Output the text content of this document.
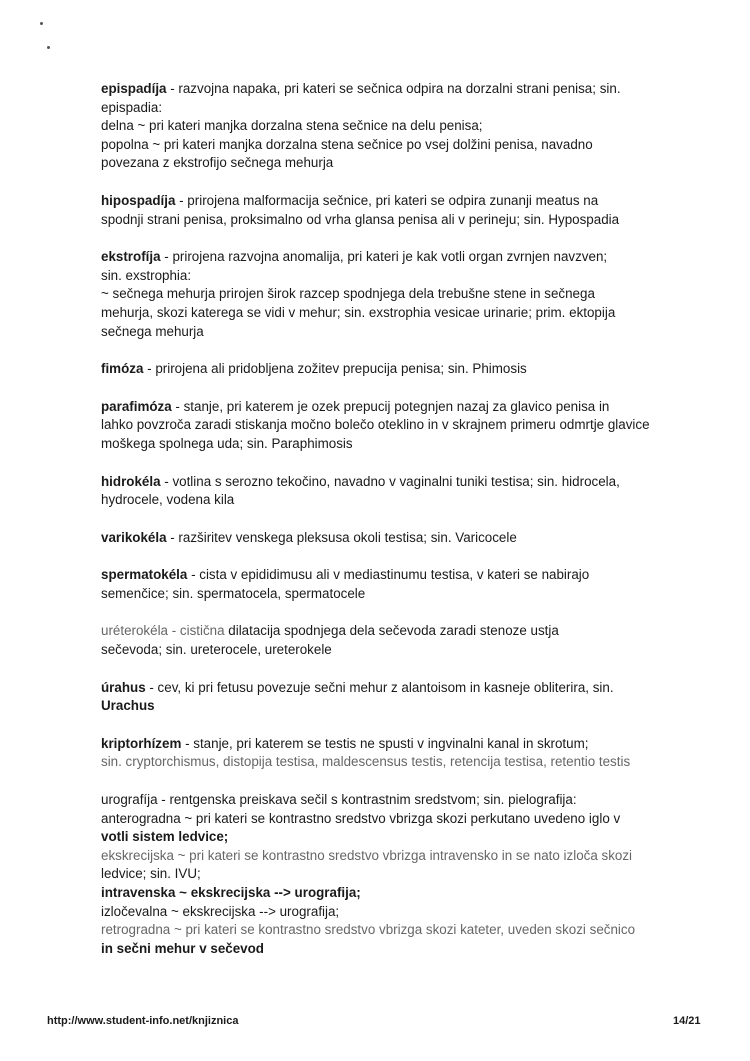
epispadíja - razvojna napaka, pri kateri se sečnica odpira na dorzalni strani penisa; sin.
epispadia:
delna ~ pri kateri manjka dorzalna stena sečnice na delu penisa;
popolna ~ pri kateri manjka dorzalna stena sečnice po vsej dolžini penisa, navadno
povezana z ekstrofijo sečnega mehurja
hipospadíja - prirojena malformacija sečnice, pri kateri se odpira zunanji meatus na
spodnji strani penisa, proksimalno od vrha glansa penisa ali v perineju; sin. Hypospadia
ekstrofíja - prirojena razvojna anomalija, pri kateri je kak votli organ zvrnjen navzven;
sin. exstrophia:
~ sečnega mehurja prirojen širok razcep spodnjega dela trebušne stene in sečnega
mehurja, skozi katerega se vidi v mehur; sin. exstrophia vesicae urinarie; prim. ektopija
sečnega mehurja
fimóza - prirojena ali pridobljena zožitev prepucija penisa; sin. Phimosis
parafimóza - stanje, pri katerem je ozek prepucij potegnjen nazaj za glavico penisa in
lahko povzroča zaradi stiskanja močno bolečo oteklino in v skrajnem primeru odmrtje glavice
moškega spolnega uda; sin. Paraphimosis
hidrokéla - votlina s serozno tekočino, navadno v vaginalni tuniki testisa; sin. hidrocela,
hydrocele, vodena kila
varikokéla - razširitev venskega pleksusa okoli testisa; sin. Varicocele
spermatokéla - cista v epididimusu ali v mediastinumu testisa, v kateri se nabirajo
semenčice; sin. spermatocela, spermatocele
uréterokéla - cistična dilatacija spodnjega dela sečevoda zaradi stenoze ustja
sečevoda; sin. ureterocele, ureterokele
úrahus - cev, ki pri fetusu povezuje sečni mehur z alantoisom in kasneje obliterira, sin.
Urachus
kriptorhízem - stanje, pri katerem se testis ne spusti v ingvinalni kanal in skrotum;
sin. cryptorchismus, distopija testisa, maldescensus testis, retencija testisa, retentio testis
urografíja - rentgenska preiskava sečil s kontrastnim sredstvom; sin. pielografija:
anterogradna ~ pri kateri se kontrastno sredstvo vbrizga skozi perkutano uvedeno iglo v
votli sistem ledvice;
ekskrecijska ~ pri kateri se kontrastno sredstvo vbrizga intravensko in se nato izloča skozi
ledvice; sin. IVU;
intravenska ~ ekskrecijska --> urografija;
izločevalna ~ ekskrecijska --> urografija;
retrogradna ~ pri kateri se kontrastno sredstvo vbrizga skozi kateter, uveden skozi sečnico
in sečni mehur v sečevod
http://www.student-info.net/knjiznica	14/21
